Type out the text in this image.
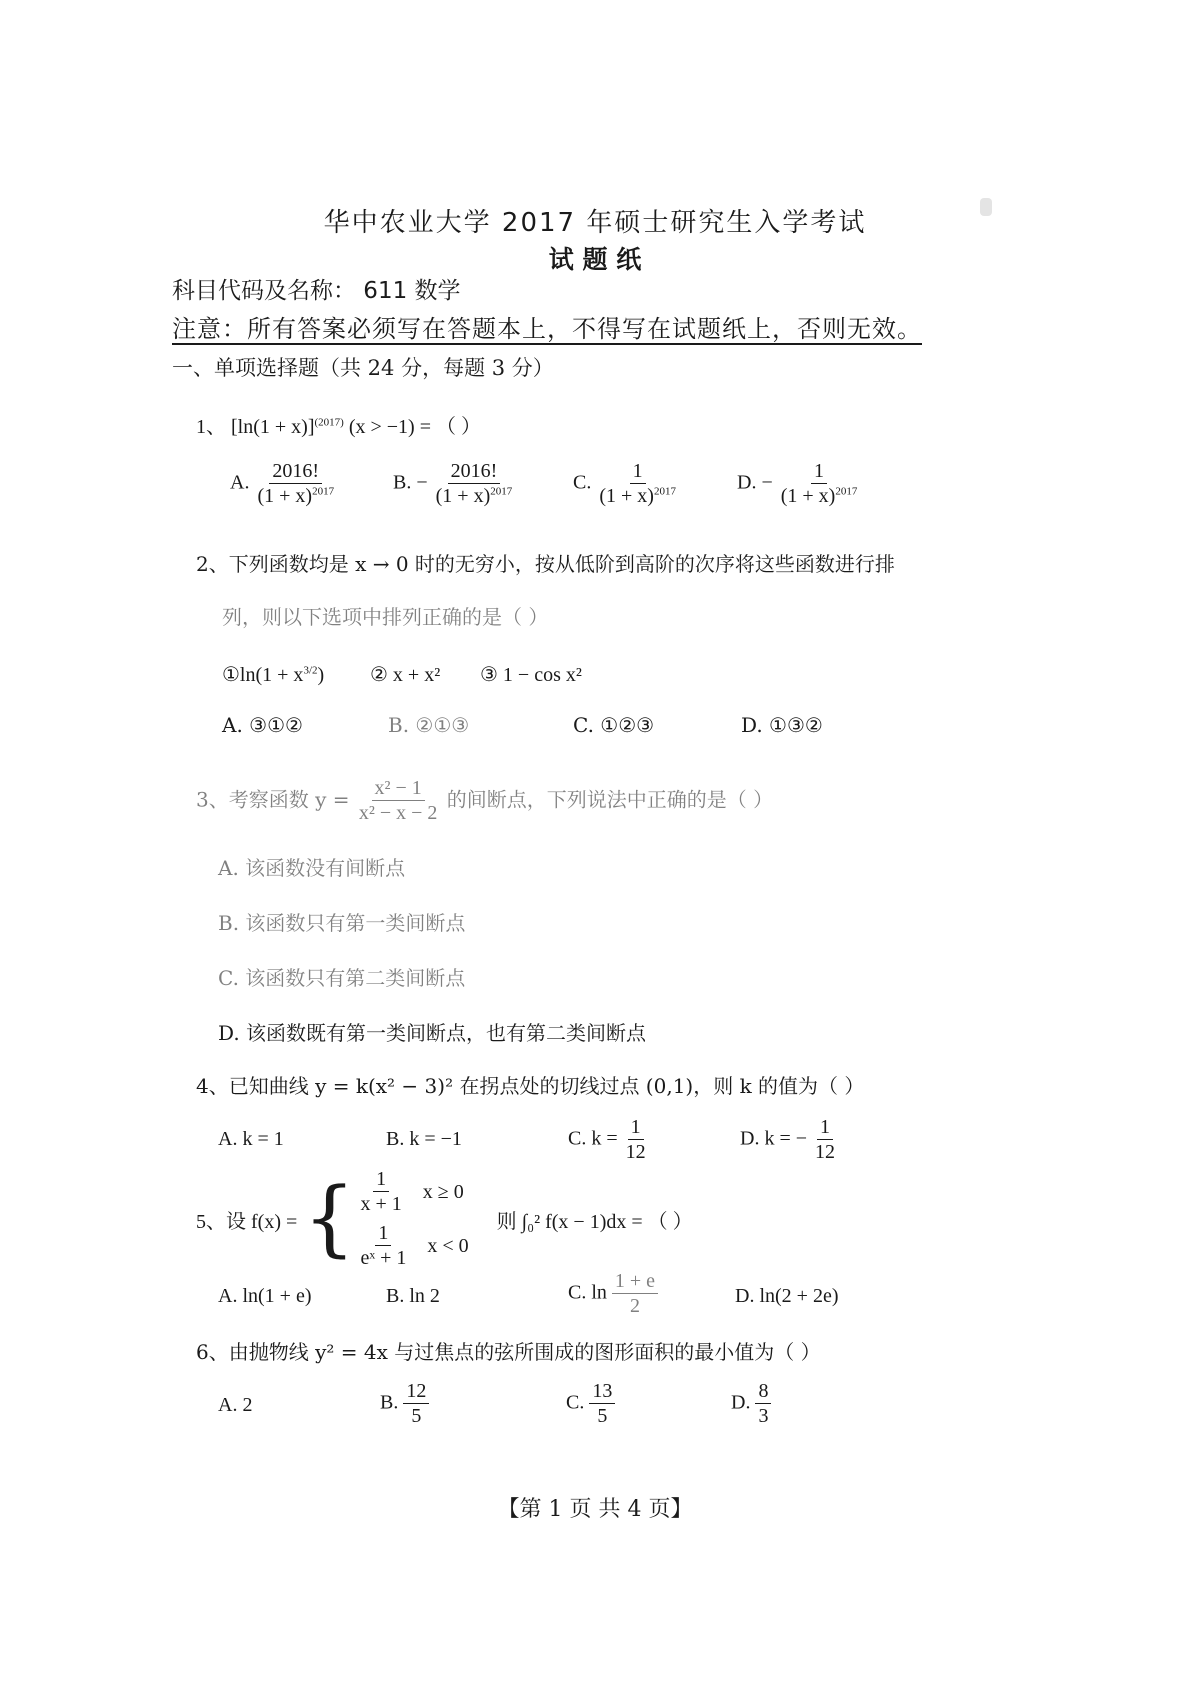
华中农业大学 2017 年硕士研究生入学考试
试 题 纸
科目代码及名称： 611 数学
注意：所有答案必须写在答题本上，不得写在试题纸上，否则无效。
一、单项选择题（共 24 分，每题 3 分）
1、 $[\ln(1 + x)]^{(2017)}$ (x > −1) = （ ）
A. $\frac{2016!}{(1 + x)^{2017}}$	B. − $\frac{2016!}{(1 + x)^{2017}}$	C. $\frac{1}{(1 + x)^{2017}}$	D. − $\frac{1}{(1 + x)^{2017}}$
2、下列函数均是 x → 0 时的无穷小，按从低阶到高阶的次序将这些函数进行排
列，则以下选项中排列正确的是（ ）
①ln(1 + $x^{3/2}$) ② x + x² ③ 1 − cos x²
A. ③①②	B. ②①③	C. ①②③	D. ①③②
3、考察函数 $y = \frac{\text{x² − 1}}{\text{x² − x − 2}}$ 的间断点，下列说法中正确的是（ ）
A. 该函数没有间断点
B. 该函数只有第一类间断点
C. 该函数只有第二类间断点
D. 该函数既有第一类间断点，也有第二类间断点
4、已知曲线 y = k(x² − 3)² 在拐点处的切线过点 (0,1)，则 k 的值为（ ）
A. k = 1	B. k = −1	C. $k = \frac{1}{12}$	D. k = − $\frac{1}{12}$
5、设 f(x) = { $\frac{1}{x + 1}$ x ≥ 0
$\frac{1}{\text{eˣ + 1}}$ x < 0
则 ∫₀² f(x − 1)dx = （ ）
A. ln(1 + e)	B. ln 2	C. $\ln \frac{1 + e}{2}$	D. ln(2 + 2e)
6、由抛物线 y² = 4x 与过焦点的弦所围成的图形面积的最小值为（ ）
A. 2	B. $\frac{12}{5}$	C. $\frac{13}{5}$	D. $\frac{8}{3}$
【第 1 页 共 4 页】
